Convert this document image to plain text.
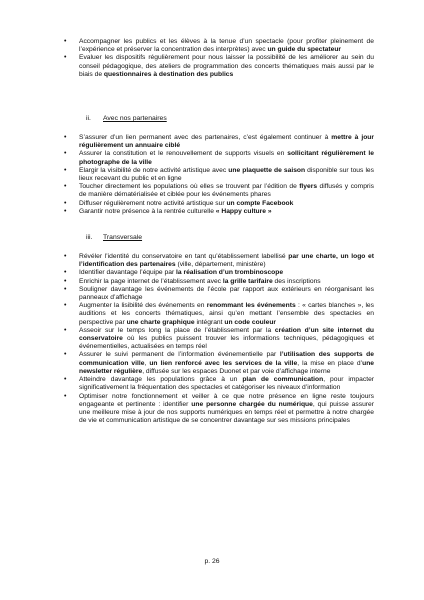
• Accompagner les publics et les élèves à la tenue d’un spectacle (pour profiter pleinement de l’expérience et préserver la concentration des interprètes) avec un guide du spectateur
• Evaluer les dispositifs régulièrement pour nous laisser la possibilité de les améliorer au sein du conseil pédagogique, des ateliers de programmation des concerts thématiques mais aussi par le biais de questionnaires à destination des publics
ii. Avec nos partenaires
• S’assurer d’un lien permanent avec des partenaires, c’est également continuer à mettre à jour régulièrement un annuaire ciblé
• Assurer la constitution et le renouvellement de supports visuels en sollicitant régulièrement le photographe de la ville
• Elargir la visibilité de notre activité artistique avec une plaquette de saison disponible sur tous les lieux recevant du public et en ligne
• Toucher directement les populations où elles se trouvent par l’édition de flyers diffusés y compris de manière dématérialisée et ciblée pour les événements phares
• Diffuser régulièrement notre activité artistique sur un compte Facebook
• Garantir notre présence à la rentrée culturelle « Happy culture »
iii. Transversale
• Révéler l’identité du conservatoire en tant qu’établissement labellisé par une charte, un logo et l’identification des partenaires (ville, département, ministère)
• Identifier davantage l’équipe par la réalisation d’un trombinoscope
• Enrichir la page internet de l’établissement avec la grille tarifaire des inscriptions
• Souligner davantage les événements de l’école par rapport aux extérieurs en réorganisant les panneaux d’affichage
• Augmenter la lisibilité des événements en renommant les événements : « cartes blanches », les auditions et les concerts thématiques, ainsi qu’en mettant l’ensemble des spectacles en perspective par une charte graphique intégrant un code couleur
• Asseoir sur le temps long la place de l’établissement par la création d’un site internet du conservatoire où les publics puissent trouver les informations techniques, pédagogiques et événementielles, actualisées en temps réel
• Assurer le suivi permanent de l’information événementielle par l’utilisation des supports de communication ville, un lien renforcé avec les services de la ville, la mise en place d’une newsletter régulière, diffusée sur les espaces Duonet et par voie d’affichage interne
• Atteindre davantage les populations grâce à un plan de communication, pour impacter significativement la fréquentation des spectacles et catégoriser les niveaux d’information
• Optimiser notre fonctionnement et veiller à ce que notre présence en ligne reste toujours engageante et pertinente : identifier une personne chargée du numérique, qui puisse assurer une meilleure mise à jour de nos supports numériques en temps réel et permettre à notre chargée de vie et communication artistique de se concentrer davantage sur ses missions principales
p. 26
